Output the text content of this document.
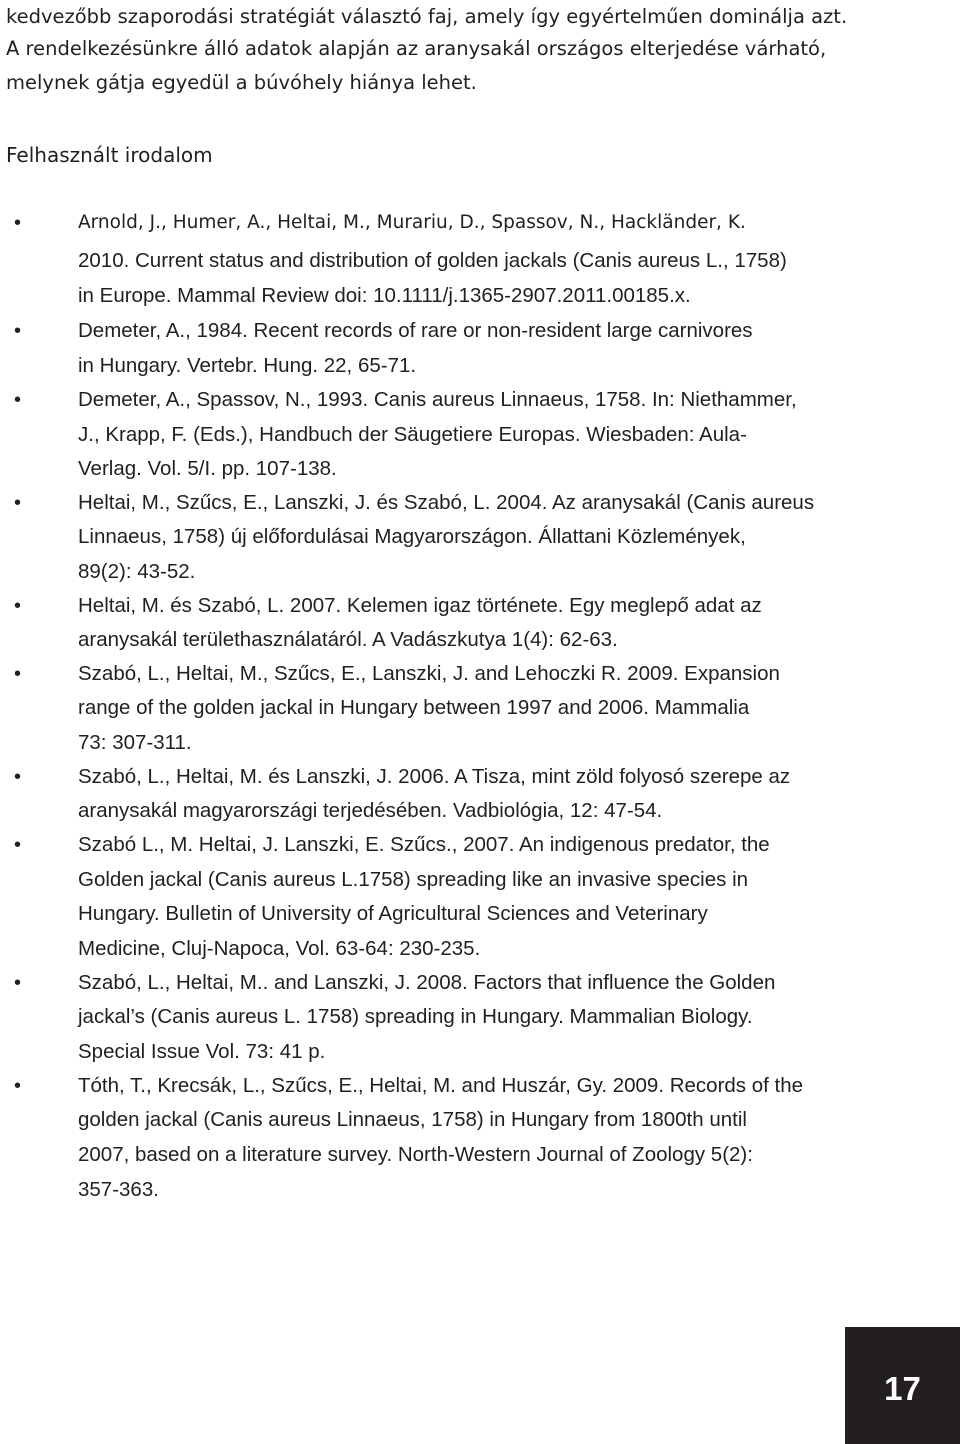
kedvezőbb szaporodási stratégiát választó faj, amely így egyértelműen dominálja azt.

A rendelkezésünkre álló adatok alapján az aranysakál országos elterjedése várható,

melynek gátja egyedül a búvóhely hiánya lehet.

Felhasznált irodalom
•	Arnold, J., Humer, A., Heltai, M., Murariu, D., Spassov, N., Hackländer, K.
2010. Current status and distribution of golden jackals (Canis aureus L., 1758)
in Europe. Mammal Review doi: 10.1111/j.1365-2907.2011.00185.x.
•	Demeter, A., 1984. Recent records of rare or non-resident large carnivores
in Hungary. Vertebr. Hung. 22, 65-71.
•	Demeter, A., Spassov, N., 1993. Canis aureus Linnaeus, 1758. In: Niethammer,
J., Krapp, F. (Eds.), Handbuch der Säugetiere Europas. Wiesbaden: Aula-
Verlag. Vol. 5/I. pp. 107-138.
•	Heltai, M., Szűcs, E., Lanszki, J. és Szabó, L. 2004. Az aranysakál (Canis aureus
Linnaeus, 1758) új előfordulásai Magyarországon. Állattani Közlemények,
89(2): 43-52.
•	Heltai, M. és Szabó, L. 2007. Kelemen igaz története. Egy meglepő adat az
aranysakál területhasználatáról. A Vadászkutya 1(4): 62-63.
•	Szabó, L., Heltai, M., Szűcs, E., Lanszki, J. and Lehoczki R. 2009. Expansion
range of the golden jackal in Hungary between 1997 and 2006. Mammalia
73: 307-311.
•	Szabó, L., Heltai, M. és Lanszki, J. 2006. A Tisza, mint zöld folyosó szerepe az
aranysakál magyarországi terjedésében. Vadbiológia, 12: 47-54.
•	Szabó L., M. Heltai, J. Lanszki, E. Szűcs., 2007. An indigenous predator, the
Golden jackal (Canis aureus L.1758) spreading like an invasive species in
Hungary. Bulletin of University of Agricultural Sciences and Veterinary
Medicine, Cluj-Napoca, Vol. 63-64: 230-235.
•	Szabó, L., Heltai, M.. and Lanszki, J. 2008. Factors that influence the Golden
jackal’s (Canis aureus L. 1758) spreading in Hungary. Mammalian Biology.
Special Issue Vol. 73: 41 p.
•	Tóth, T., Krecsák, L., Szűcs, E., Heltai, M. and Huszár, Gy. 2009. Records of the
golden jackal (Canis aureus Linnaeus, 1758) in Hungary from 1800th until
2007, based on a literature survey. North-Western Journal of Zoology 5(2):
357-363.
17
